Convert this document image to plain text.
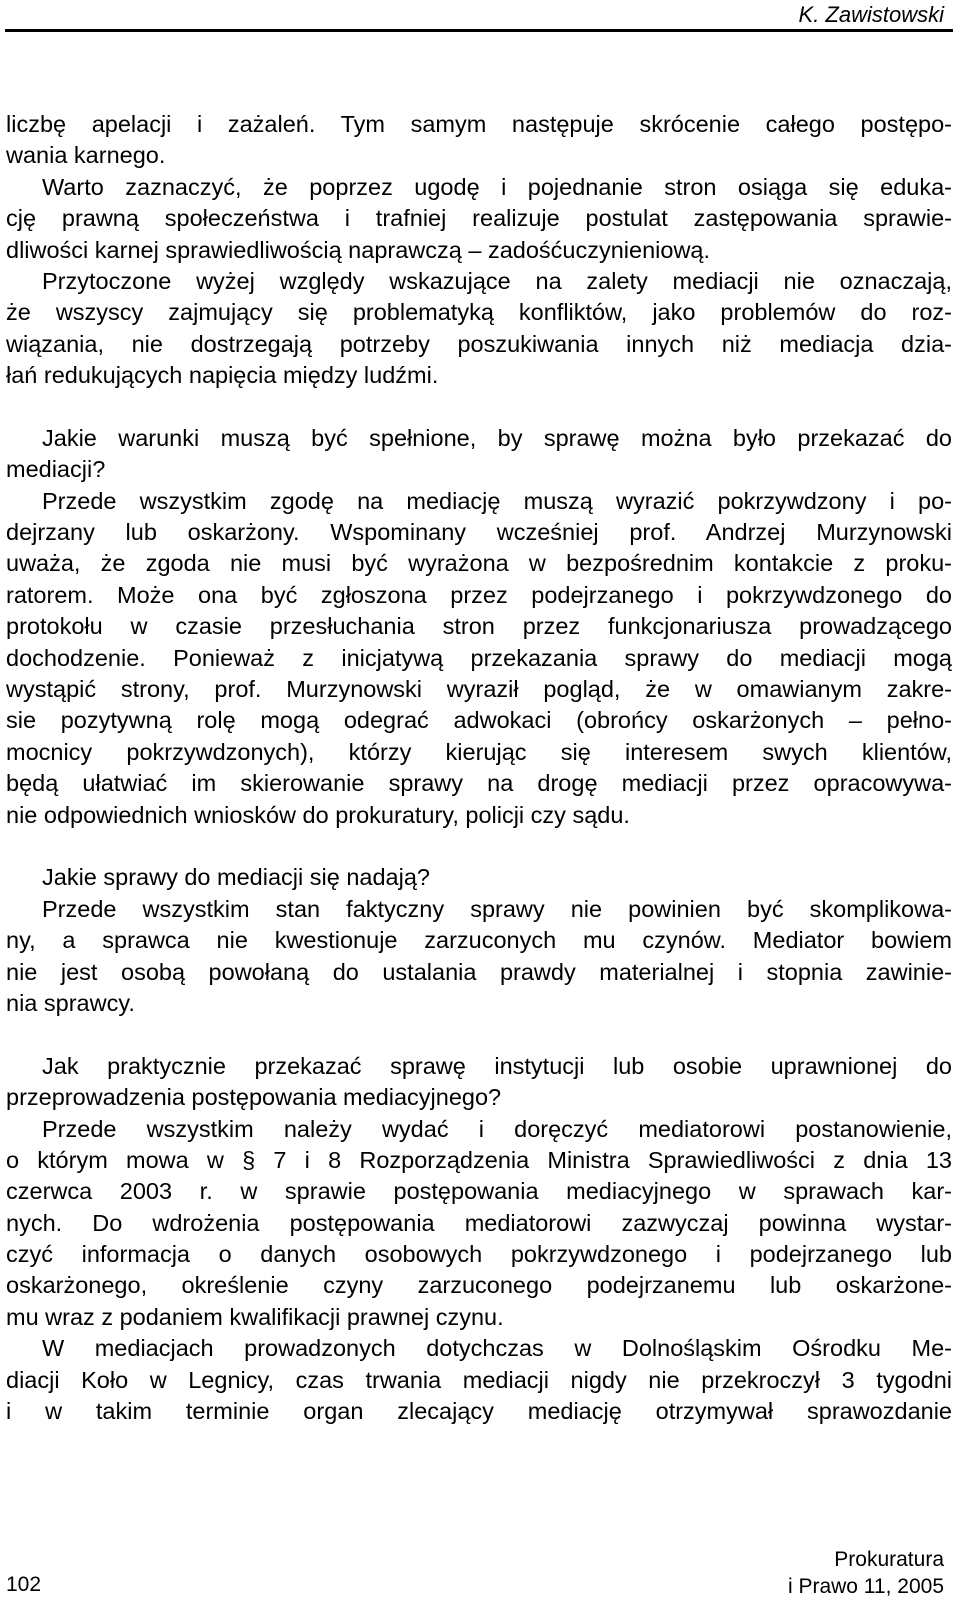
K. Zawistowski
liczbę apelacji i zażaleń. Tym samym następuje skrócenie całego postępo-
wania karnego.
Warto zaznaczyć, że poprzez ugodę i pojednanie stron osiąga się eduka-
cję prawną społeczeństwa i trafniej realizuje postulat zastępowania sprawie-
dliwości karnej sprawiedliwością naprawczą – zadośćuczynieniową.
Przytoczone wyżej względy wskazujące na zalety mediacji nie oznaczają,
że wszyscy zajmujący się problematyką konfliktów, jako problemów do roz-
wiązania, nie dostrzegają potrzeby poszukiwania innych niż mediacja dzia-
łań redukujących napięcia między ludźmi.
Jakie warunki muszą być spełnione, by sprawę można było przekazać do
mediacji?
Przede wszystkim zgodę na mediację muszą wyrazić pokrzywdzony i po-
dejrzany lub oskarżony. Wspominany wcześniej prof. Andrzej Murzynowski
uważa, że zgoda nie musi być wyrażona w bezpośrednim kontakcie z proku-
ratorem. Może ona być zgłoszona przez podejrzanego i pokrzywdzonego do
protokołu w czasie przesłuchania stron przez funkcjonariusza prowadzącego
dochodzenie. Ponieważ z inicjatywą przekazania sprawy do mediacji mogą
wystąpić strony, prof. Murzynowski wyraził pogląd, że w omawianym zakre-
sie pozytywną rolę mogą odegrać adwokaci (obrońcy oskarżonych – pełno-
mocnicy pokrzywdzonych), którzy kierując się interesem swych klientów,
będą ułatwiać im skierowanie sprawy na drogę mediacji przez opracowywa-
nie odpowiednich wniosków do prokuratury, policji czy sądu.
Jakie sprawy do mediacji się nadają?
Przede wszystkim stan faktyczny sprawy nie powinien być skomplikowa-
ny, a sprawca nie kwestionuje zarzuconych mu czynów. Mediator bowiem
nie jest osobą powołaną do ustalania prawdy materialnej i stopnia zawinie-
nia sprawcy.
Jak praktycznie przekazać sprawę instytucji lub osobie uprawnionej do
przeprowadzenia postępowania mediacyjnego?
Przede wszystkim należy wydać i doręczyć mediatorowi postanowienie,
o którym mowa w § 7 i 8 Rozporządzenia Ministra Sprawiedliwości z dnia 13
czerwca 2003 r. w sprawie postępowania mediacyjnego w sprawach kar-
nych. Do wdrożenia postępowania mediatorowi zazwyczaj powinna wystar-
czyć informacja o danych osobowych pokrzywdzonego i podejrzanego lub
oskarżonego, określenie czyny zarzuconego podejrzanemu lub oskarżone-
mu wraz z podaniem kwalifikacji prawnej czynu.
W mediacjach prowadzonych dotychczas w Dolnośląskim Ośrodku Me-
diacji Koło w Legnicy, czas trwania mediacji nigdy nie przekroczył 3 tygodni
i w takim terminie organ zlecający mediację otrzymywał sprawozdanie
102
Prokuratura
i Prawo 11, 2005
